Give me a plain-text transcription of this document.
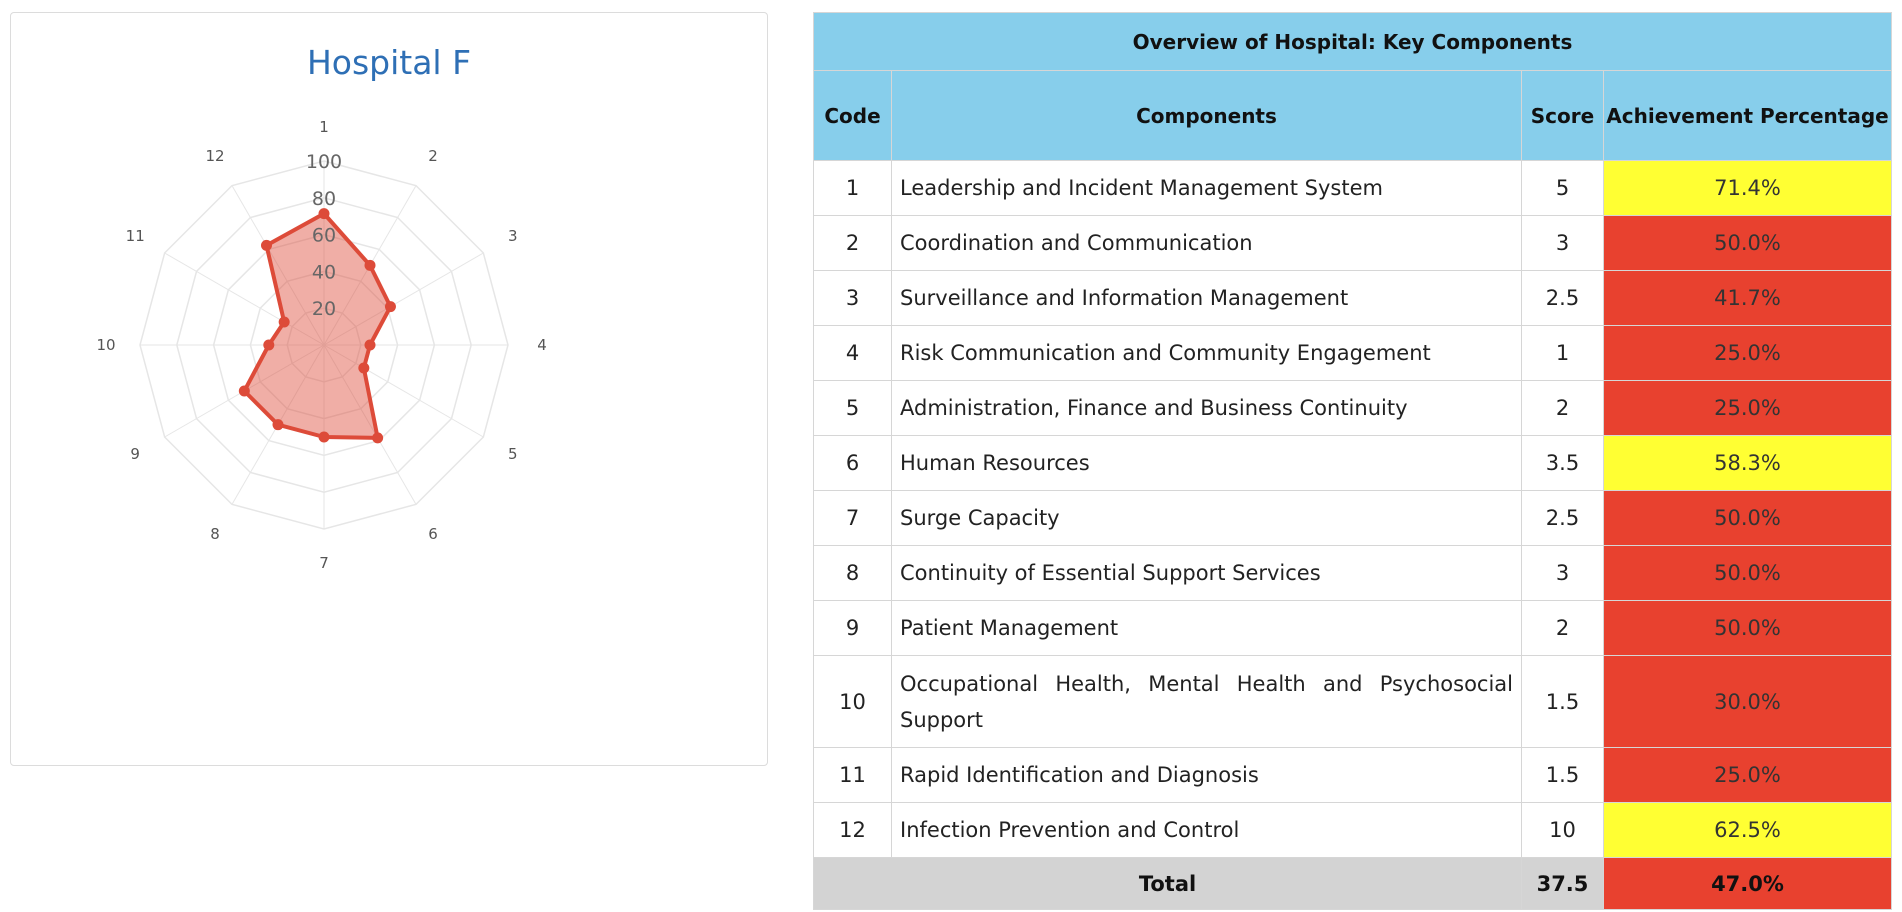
Hospital F
20
40
60
80
100
1
2
3
4
5
6
7
8
9
10
11
12
Overview of Hospital: Key Components			
Code	Components	Score	Achievement Percentage
1	Leadership and Incident Management System	5	71.4%
2	Coordination and Communication	3	50.0%
3	Surveillance and Information Management	2.5	41.7%
4	Risk Communication and Community Engagement	1	25.0%
5	Administration, Finance and Business Continuity	2	25.0%
6	Human Resources	3.5	58.3%
7	Surge Capacity	2.5	50.0%
8	Continuity of Essential Support Services	3	50.0%
9	Patient Management	2	50.0%
10	Occupational Health, Mental Health and Psychosocial Support	1.5	30.0%
11	Rapid Identification and Diagnosis	1.5	25.0%
12	Infection Prevention and Control	10	62.5%
Total		37.5	47.0%
